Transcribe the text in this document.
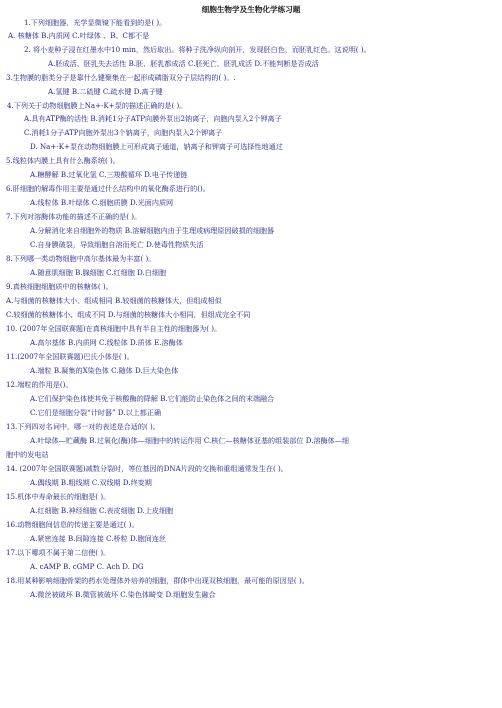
细胞生物学及生物化学练习题
1.下列细胞器，光学显微镜下能看到的是( )。
A. 核糖体 B.内质网 C.叶绿体 、B、C都不是
2. 将小麦种子浸在红墨水中10 min，然后取出。将种子洗净纵向剖开，发现胚白色，而胚乳红色。这说明( )。
A.胚成活、胚乳失去活性 B.胚、胚乳都成活 C.胚死亡、胚乳成活 D.不能判断是否成活
3.生物膜的脂类分子是靠什么键聚集在一起形成磷脂双分子层结构的( )。.
A.氢键 B.二硫键 C.疏水键 D.离子键
4.下列关于动物细胞膜上Na+-K+泵的描述正确的是( )。
A.具有ATP酶的活性 B.消耗1分子ATP向膜外泵出2钠离子，向胞内泵入2个钾离子
C.消耗1分子ATP向胞外泵出3个钠离子，向胞内泵入2个钾离子
D. Na+-K+泵在动物细胞膜上可形成离子通道，钠离子和钾离子可选择性地通过
5.线粒体内膜上具有什么酶系统( )。
A.糖酵解 B.过氧化氢 C.三羧酸循环 D.电子传递链
6.肝细胞的解毒作用主要是通过什么结构中的氧化酶系进行的()。
A.线粒体 B.叶绿体 C.细胞质膜 D.光面内质网
7.下列对溶酶体功能的描述不正确的是( )。
A.分解消化来自细胞外的物质 B.溶解细胞内由于生理或病理原因破损的细胞器
C.自身膜破裂，导致细胞自溶而死亡 D.使毒性物质失活
8.下列哪一类动物细胞中高尔基体最为丰富( )。
A.随意肌细胞 B.腺细胞 C.红细胞 D.白细胞
9.真核细胞细胞质中的核糖体( )。
A.与细菌的核糖体大小、组成相同 B.较细菌的核糖体大，但组成相似
C.较细菌的核糖体小、组成不同 D.与细菌的核糖体大小相同，但组成完全不同
10. (2007年全国联赛题)在真核细胞中具有半自主性的细胞器为( )。
A.高尔基体 B.内质网 C.线粒体 D.质体 E.溶酶体
11.(2007年全国联赛题)巴氏小体是( )。
A.端粒 B.凝集的X染色体 C.随体 D.巨大染色体
12.端粒的作用是()。
A.它们保护染色体使其免于核酸酶的降解 B.它们能防止染色体之间的末端融合
C.它们是细胞分裂“计时器” D.以上都正确
13.下列四对名词中，哪一对的表述是合适的( )。
A.叶绿体—贮藏酶 B.过氧化(酶)体—细胞中的转运作用 C.核仁—核糖体亚基的组装部位 D.溶酶体—细
胞中的发电站
14. (2007年全国联赛题)减数分裂时，等位基因的DNA片段的交换和重组通常发生在( )。
A.偶线期 B.粗线期 C.双线期 D.终变期
15.机体中寿命最长的细胞是( )。
A.红细胞 B.神经细胞 C.表皮细胞 D.上皮细胞
16.动物细胞间信息的传递主要是通过( )。
A.紧密连接 B.间隙连接 C.桥粒 D.胞间连丝
17.以下哪项不属于第二信使( )。
A. cAMP B. cGMP C. Ach D. DG
18.用某种影响细胞骨架的药水处理体外培养的细胞，群体中出现双核细胞，最可能的原因是( )。
A.微丝被破坏 B.微管被破坏 C.染色体畸变 D.细胞发生融合
